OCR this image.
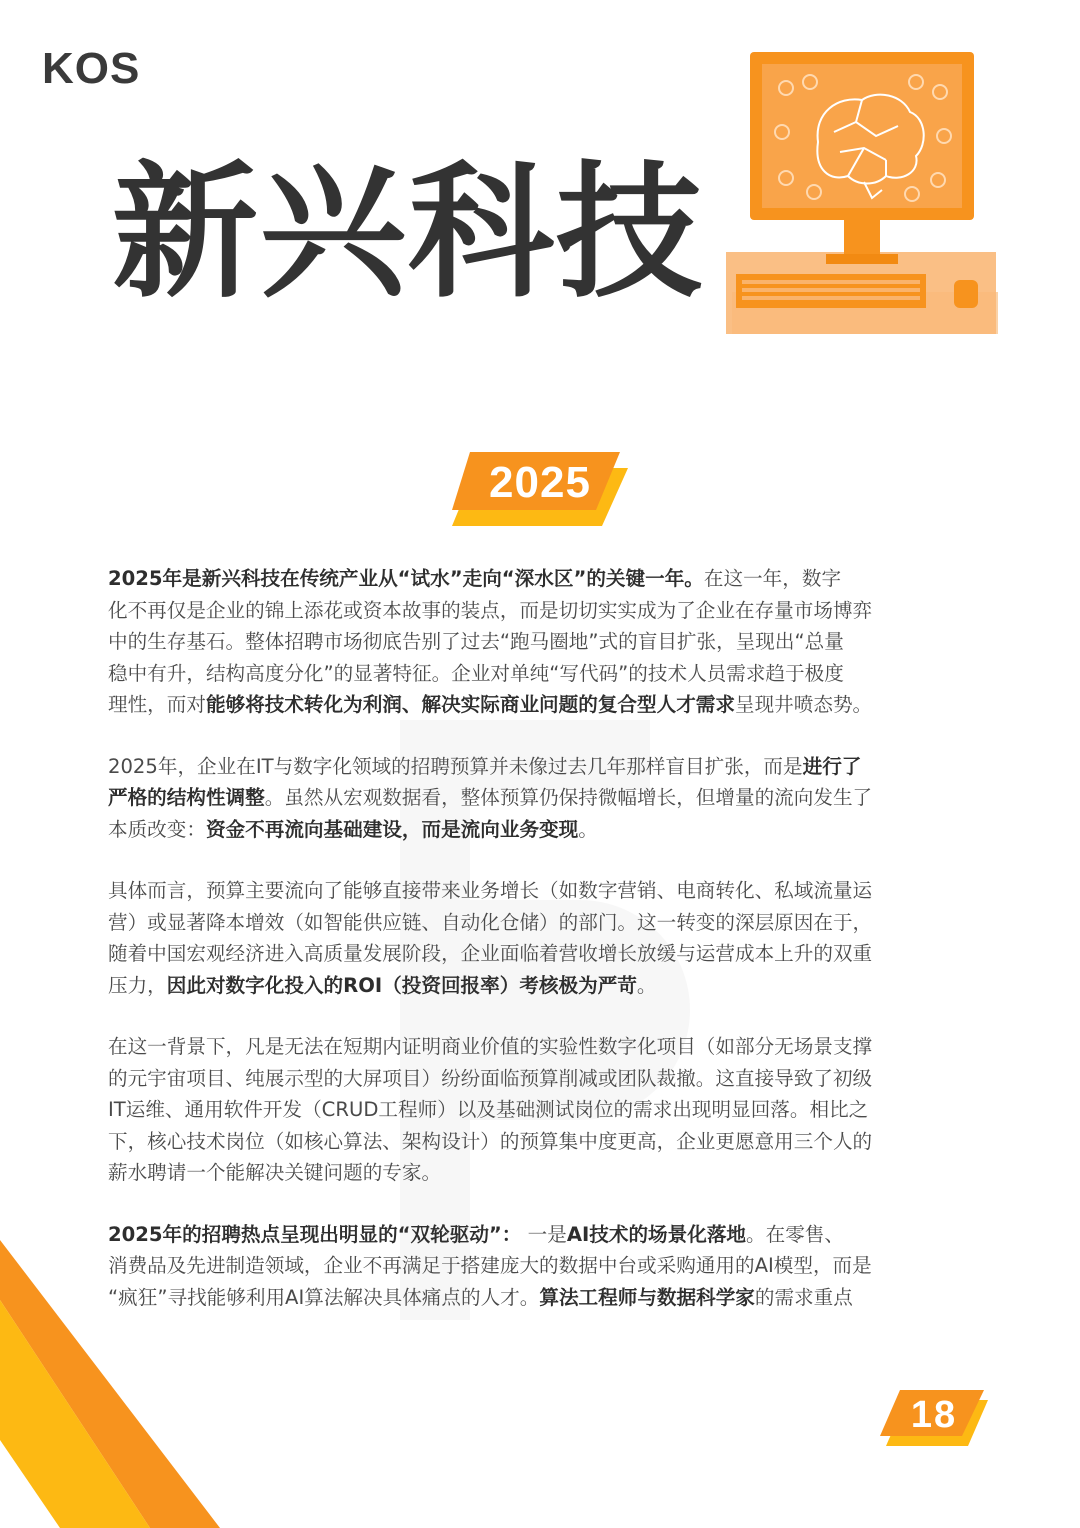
KOS
新兴科技
2025

2025年是新兴科技在传统产业从“试水”走向“深水区”的关键一年。在这一年，数字
化不再仅是企业的锦上添花或资本故事的装点，而是切切实实成为了企业在存量市场博弈
中的生存基石。整体招聘市场彻底告别了过去“跑马圈地”式的盲目扩张，呈现出“总量
稳中有升，结构高度分化”的显著特征。企业对单纯“写代码”的技术人员需求趋于极度
理性，而对能够将技术转化为利润、解决实际商业问题的复合型人才需求呈现井喷态势。

2025年，企业在IT与数字化领域的招聘预算并未像过去几年那样盲目扩张，而是进行了
严格的结构性调整。虽然从宏观数据看，整体预算仍保持微幅增长，但增量的流向发生了
本质改变：资金不再流向基础建设，而是流向业务变现。

具体而言，预算主要流向了能够直接带来业务增长（如数字营销、电商转化、私域流量运
营）或显著降本增效（如智能供应链、自动化仓储）的部门。这一转变的深层原因在于，
随着中国宏观经济进入高质量发展阶段，企业面临着营收增长放缓与运营成本上升的双重
压力，因此对数字化投入的ROI（投资回报率）考核极为严苛。

在这一背景下，凡是无法在短期内证明商业价值的实验性数字化项目（如部分无场景支撑
的元宇宙项目、纯展示型的大屏项目）纷纷面临预算削减或团队裁撤。这直接导致了初级
IT运维、通用软件开发（CRUD工程师）以及基础测试岗位的需求出现明显回落。相比之
下，核心技术岗位（如核心算法、架构设计）的预算集中度更高，企业更愿意用三个人的
薪水聘请一个能解决关键问题的专家。

2025年的招聘热点呈现出明显的“双轮驱动”： 一是AI技术的场景化落地。在零售、
消费品及先进制造领域，企业不再满足于搭建庞大的数据中台或采购通用的AI模型，而是
“疯狂”寻找能够利用AI算法解决具体痛点的人才。算法工程师与数据科学家的需求重点

18
